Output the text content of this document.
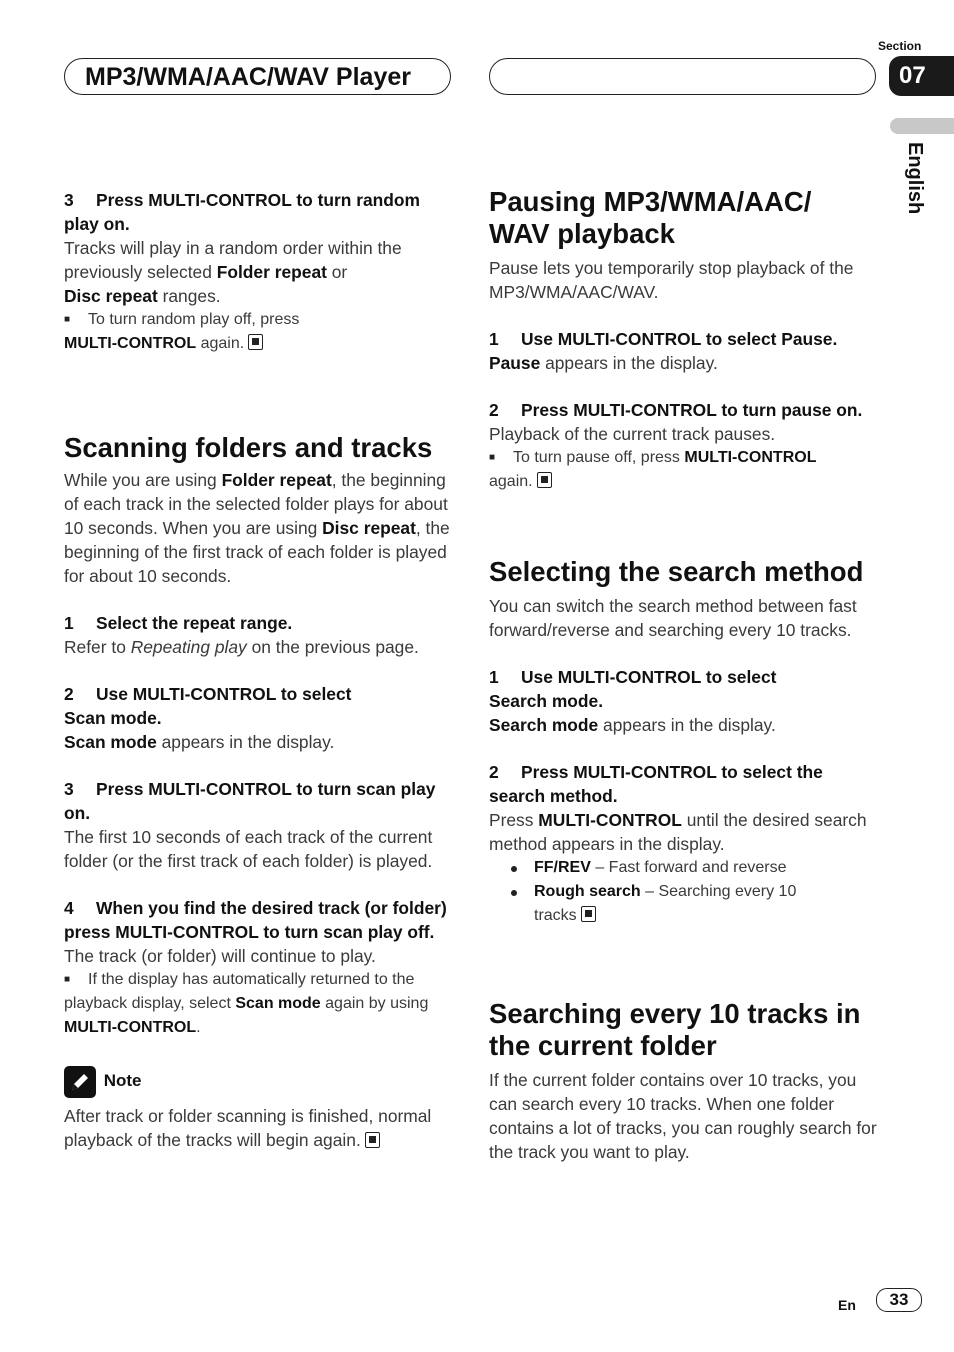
MP3/WMA/AAC/WAV Player
Section
07
English

3 Press MULTI-CONTROL to turn random play on.

Tracks will play in a random order within the previously selected Folder repeat or
Disc repeat ranges.

■ To turn random play off, press
MULTI-CONTROL again.

Scanning folders and tracks

While you are using Folder repeat, the beginning of each track in the selected folder plays for about 10 seconds. When you are using Disc repeat, the beginning of the first track of each folder is played for about 10 seconds.

1 Select the repeat range.

Refer to Repeating play on the previous page.

2 Use MULTI-CONTROL to select Scan mode.

Scan mode appears in the display.

3 Press MULTI-CONTROL to turn scan play on.

The first 10 seconds of each track of the current folder (or the first track of each folder) is played.

4 When you find the desired track (or folder) press MULTI-CONTROL to turn scan play off.

The track (or folder) will continue to play.

■ If the display has automatically returned to the playback display, select Scan mode again by using MULTI-CONTROL.

Note

After track or folder scanning is finished, normal playback of the tracks will begin again.

Pausing MP3/WMA/AAC/ WAV playback

Pause lets you temporarily stop playback of the MP3/WMA/AAC/WAV.

1 Use MULTI-CONTROL to select Pause.

Pause appears in the display.

2 Press MULTI-CONTROL to turn pause on.

Playback of the current track pauses.

■ To turn pause off, press MULTI-CONTROL
again.

Selecting the search method

You can switch the search method between fast forward/reverse and searching every 10 tracks.

1 Use MULTI-CONTROL to select Search mode.

Search mode appears in the display.

2 Press MULTI-CONTROL to select the search method.

Press MULTI-CONTROL until the desired search method appears in the display.

FF/REV – Fast forward and reverse
Rough search – Searching every 10 tracks
Searching every 10 tracks in the current folder

If the current folder contains over 10 tracks, you can search every 10 tracks. When one folder contains a lot of tracks, you can roughly search for the track you want to play.

En	33
